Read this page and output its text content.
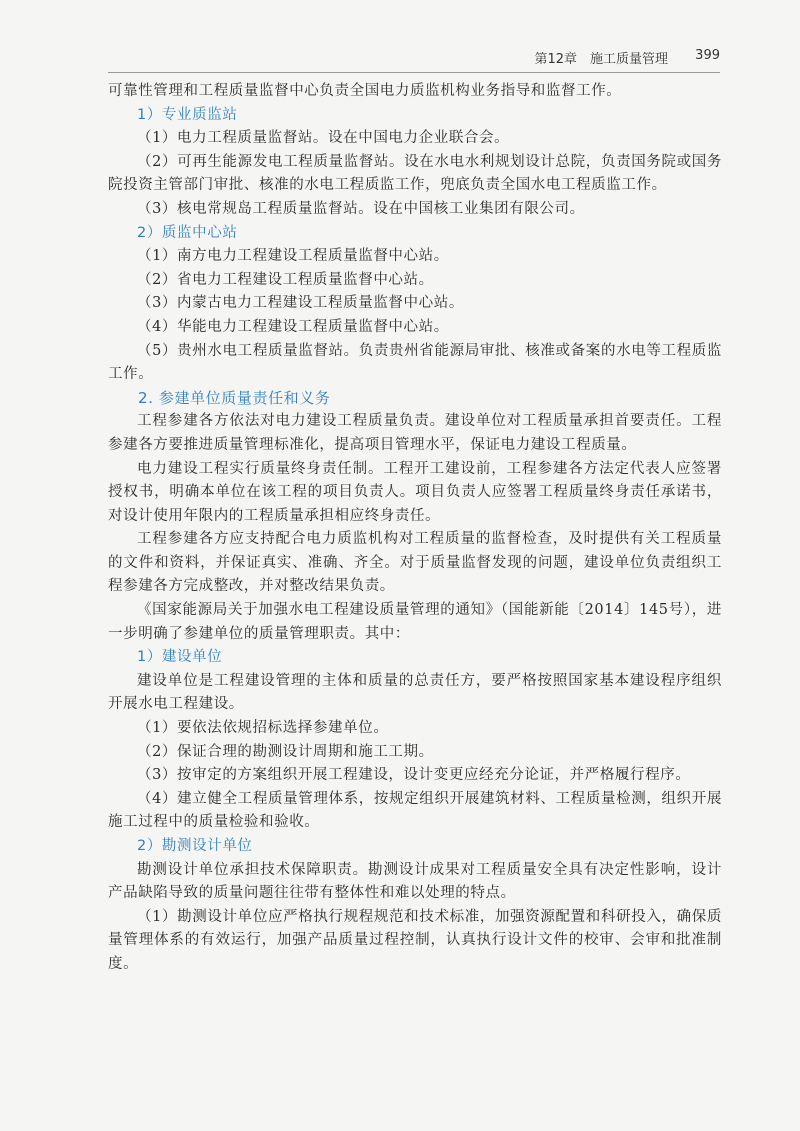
第12章　施工质量管理 399

可靠性管理和工程质量监督中心负责全国电力质监机构业务指导和监督工作。

1）专业质监站

（1）电力工程质量监督站。设在中国电力企业联合会。

（2）可再生能源发电工程质量监督站。设在水电水利规划设计总院，负责国务院或国务院投资主管部门审批、核准的水电工程质监工作，兜底负责全国水电工程质监工作。

（3）核电常规岛工程质量监督站。设在中国核工业集团有限公司。

2）质监中心站

（1）南方电力工程建设工程质量监督中心站。

（2）省电力工程建设工程质量监督中心站。

（3）内蒙古电力工程建设工程质量监督中心站。

（4）华能电力工程建设工程质量监督中心站。

（5）贵州水电工程质量监督站。负责贵州省能源局审批、核准或备案的水电等工程质监工作。

2. 参建单位质量责任和义务

工程参建各方依法对电力建设工程质量负责。建设单位对工程质量承担首要责任。工程参建各方要推进质量管理标准化，提高项目管理水平，保证电力建设工程质量。

电力建设工程实行质量终身责任制。工程开工建设前，工程参建各方法定代表人应签署授权书，明确本单位在该工程的项目负责人。项目负责人应签署工程质量终身责任承诺书，对设计使用年限内的工程质量承担相应终身责任。

工程参建各方应支持配合电力质监机构对工程质量的监督检查，及时提供有关工程质量的文件和资料，并保证真实、准确、齐全。对于质量监督发现的问题，建设单位负责组织工程参建各方完成整改，并对整改结果负责。

《国家能源局关于加强水电工程建设质量管理的通知》（国能新能〔2014〕145号），进一步明确了参建单位的质量管理职责。其中：

1）建设单位

建设单位是工程建设管理的主体和质量的总责任方，要严格按照国家基本建设程序组织开展水电工程建设。

（1）要依法依规招标选择参建单位。

（2）保证合理的勘测设计周期和施工工期。

（3）按审定的方案组织开展工程建设，设计变更应经充分论证，并严格履行程序。

（4）建立健全工程质量管理体系，按规定组织开展建筑材料、工程质量检测，组织开展施工过程中的质量检验和验收。

2）勘测设计单位

勘测设计单位承担技术保障职责。勘测设计成果对工程质量安全具有决定性影响，设计产品缺陷导致的质量问题往往带有整体性和难以处理的特点。

（1）勘测设计单位应严格执行规程规范和技术标准，加强资源配置和科研投入，确保质量管理体系的有效运行，加强产品质量过程控制，认真执行设计文件的校审、会审和批准制度。
